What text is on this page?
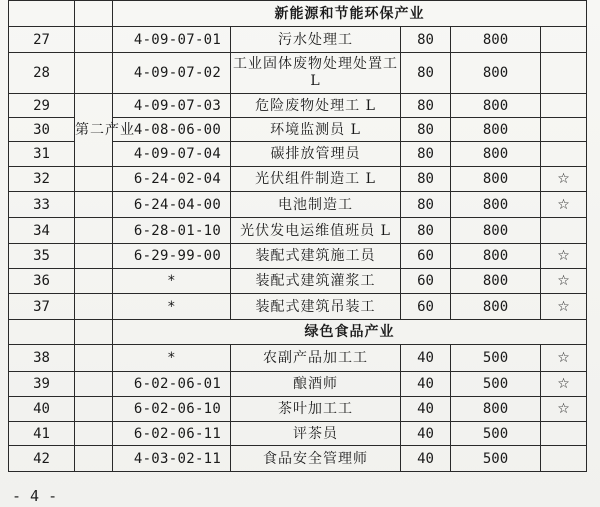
		新能源和节能环保产业				
27		4-09-07-01	污水处理工	80	800	
28		4-09-07-02	工业固体废物处理处置工L	80	800	
29	第二产业	4-09-07-03	危险废物处理工 L	80	800	
30		4-08-06-00	环境监测员 L	80	800	
31		4-09-07-04	碳排放管理员	80	800	
32		6-24-02-04	光伏组件制造工 L	80	800	☆
33		6-24-04-00	电池制造工	80	800	☆
34		6-28-01-10	光伏发电运维值班员 L	80	800	
35		6-29-99-00	装配式建筑施工员	60	800	☆
36		*	装配式建筑灌浆工	60	800	☆
37		*	装配式建筑吊装工	60	800	☆
		绿色食品产业				
38		*	农副产品加工工	40	500	☆
39		6-02-06-01	酿酒师	40	500	☆
40		6-02-06-10	茶叶加工工	40	800	☆
41		6-02-06-11	评茶员	40	500	
42		4-03-02-11	食品安全管理师	40	500	
- 4 -
